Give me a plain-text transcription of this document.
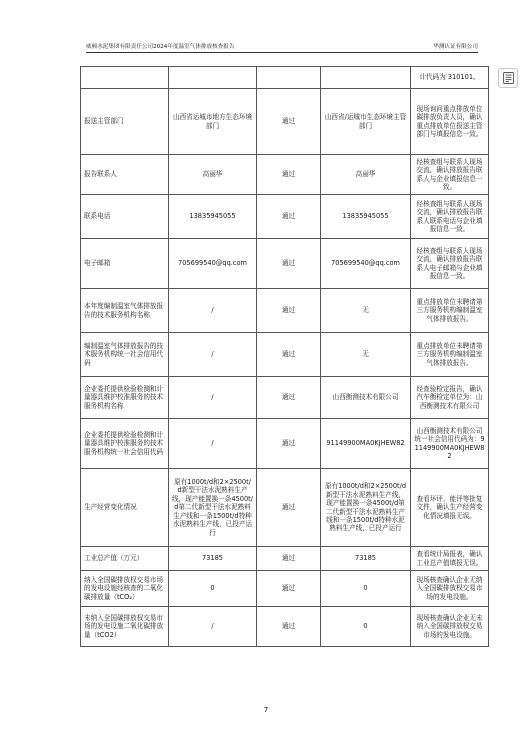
威顿水泥集团有限责任公司2024年度温室气体排放核查报告	华测认证有限公司
				计代码为 310101。
报送主管部门	山西省运城市地方生态环境部门	通过	山西省/运城市生态环境主管部门	现场询问重点排放单位碳排放负责人员，确认重点排放单位报送主管部门与填报信息一致。
报告联系人	高丽华	通过	高丽华	经核查组与联系人现场交流，确认排放报告联系人与企业填报信息一致。
联系电话	13835945055	通过	13835945055	经核查组与联系人现场交流，确认排放报告联系人联系电话与企业填报信息一致。
电子邮箱	705699540@qq.com	通过	705699540@qq.com	经核查组与联系人现场交流，确认排放报告联系人电子邮箱与企业填报信息一致。
本年度编制温室气体排放报告的技术服务机构名称	/	通过	无	重点排放单位未聘请第三方服务机构编制温室气体排放报告。
编制温室气体排放报告的技术服务机构统一社会信用代码	/	通过	无	重点排放单位未聘请第三方服务机构编制温室气体排放报告。
企业委托提供检验检测和计量器具维护校准服务的技术服务机构名称	/	通过	山西衡测技术有限公司	经查验检定报告，确认汽车衡检定单位为：山西衡测技术有限公司
企业委托提供检验检测和计量器具维护校准服务的技术服务机构统一社会信用代码	/	通过	91149900MA0KJHEW82	山西衡测技术有限公司统一社会信用代码为：91149900MA0KJHEW82
生产经营变化情况	原有1000t/d和2×2500t/d新型干法水泥熟料生产线，现产能置换一条4500t/d第二代新型干法水泥熟料生产线和一条1500t/d特种水泥熟料生产线，已投产运行	通过	原有1000t/d和2×2500t/d新型干法水泥熟料生产线，现产能置换一条4500t/d第二代新型干法水泥熟料生产线和一条1500t/d特种水泥熟料生产线，已投产运行	查看环评、能评等批复文件，确认生产经营变化情况填报无误。
工业总产值（万元）	73185	通过	73185	查看统计局报表，确认工业总产值填报无误。
纳入全国碳排放权交易市场的发电设施经核查的二氧化碳排放量（tCO₂）	0	通过	0	现场核查确认企业无纳入全国碳排放权交易市场的发电设施。
未纳入全国碳排放权交易市场的发电设施二氧化碳排放量（tCO2）	/	通过	0	现场核查确认企业无未纳入全国碳排放权交易市场的发电设施。
7
